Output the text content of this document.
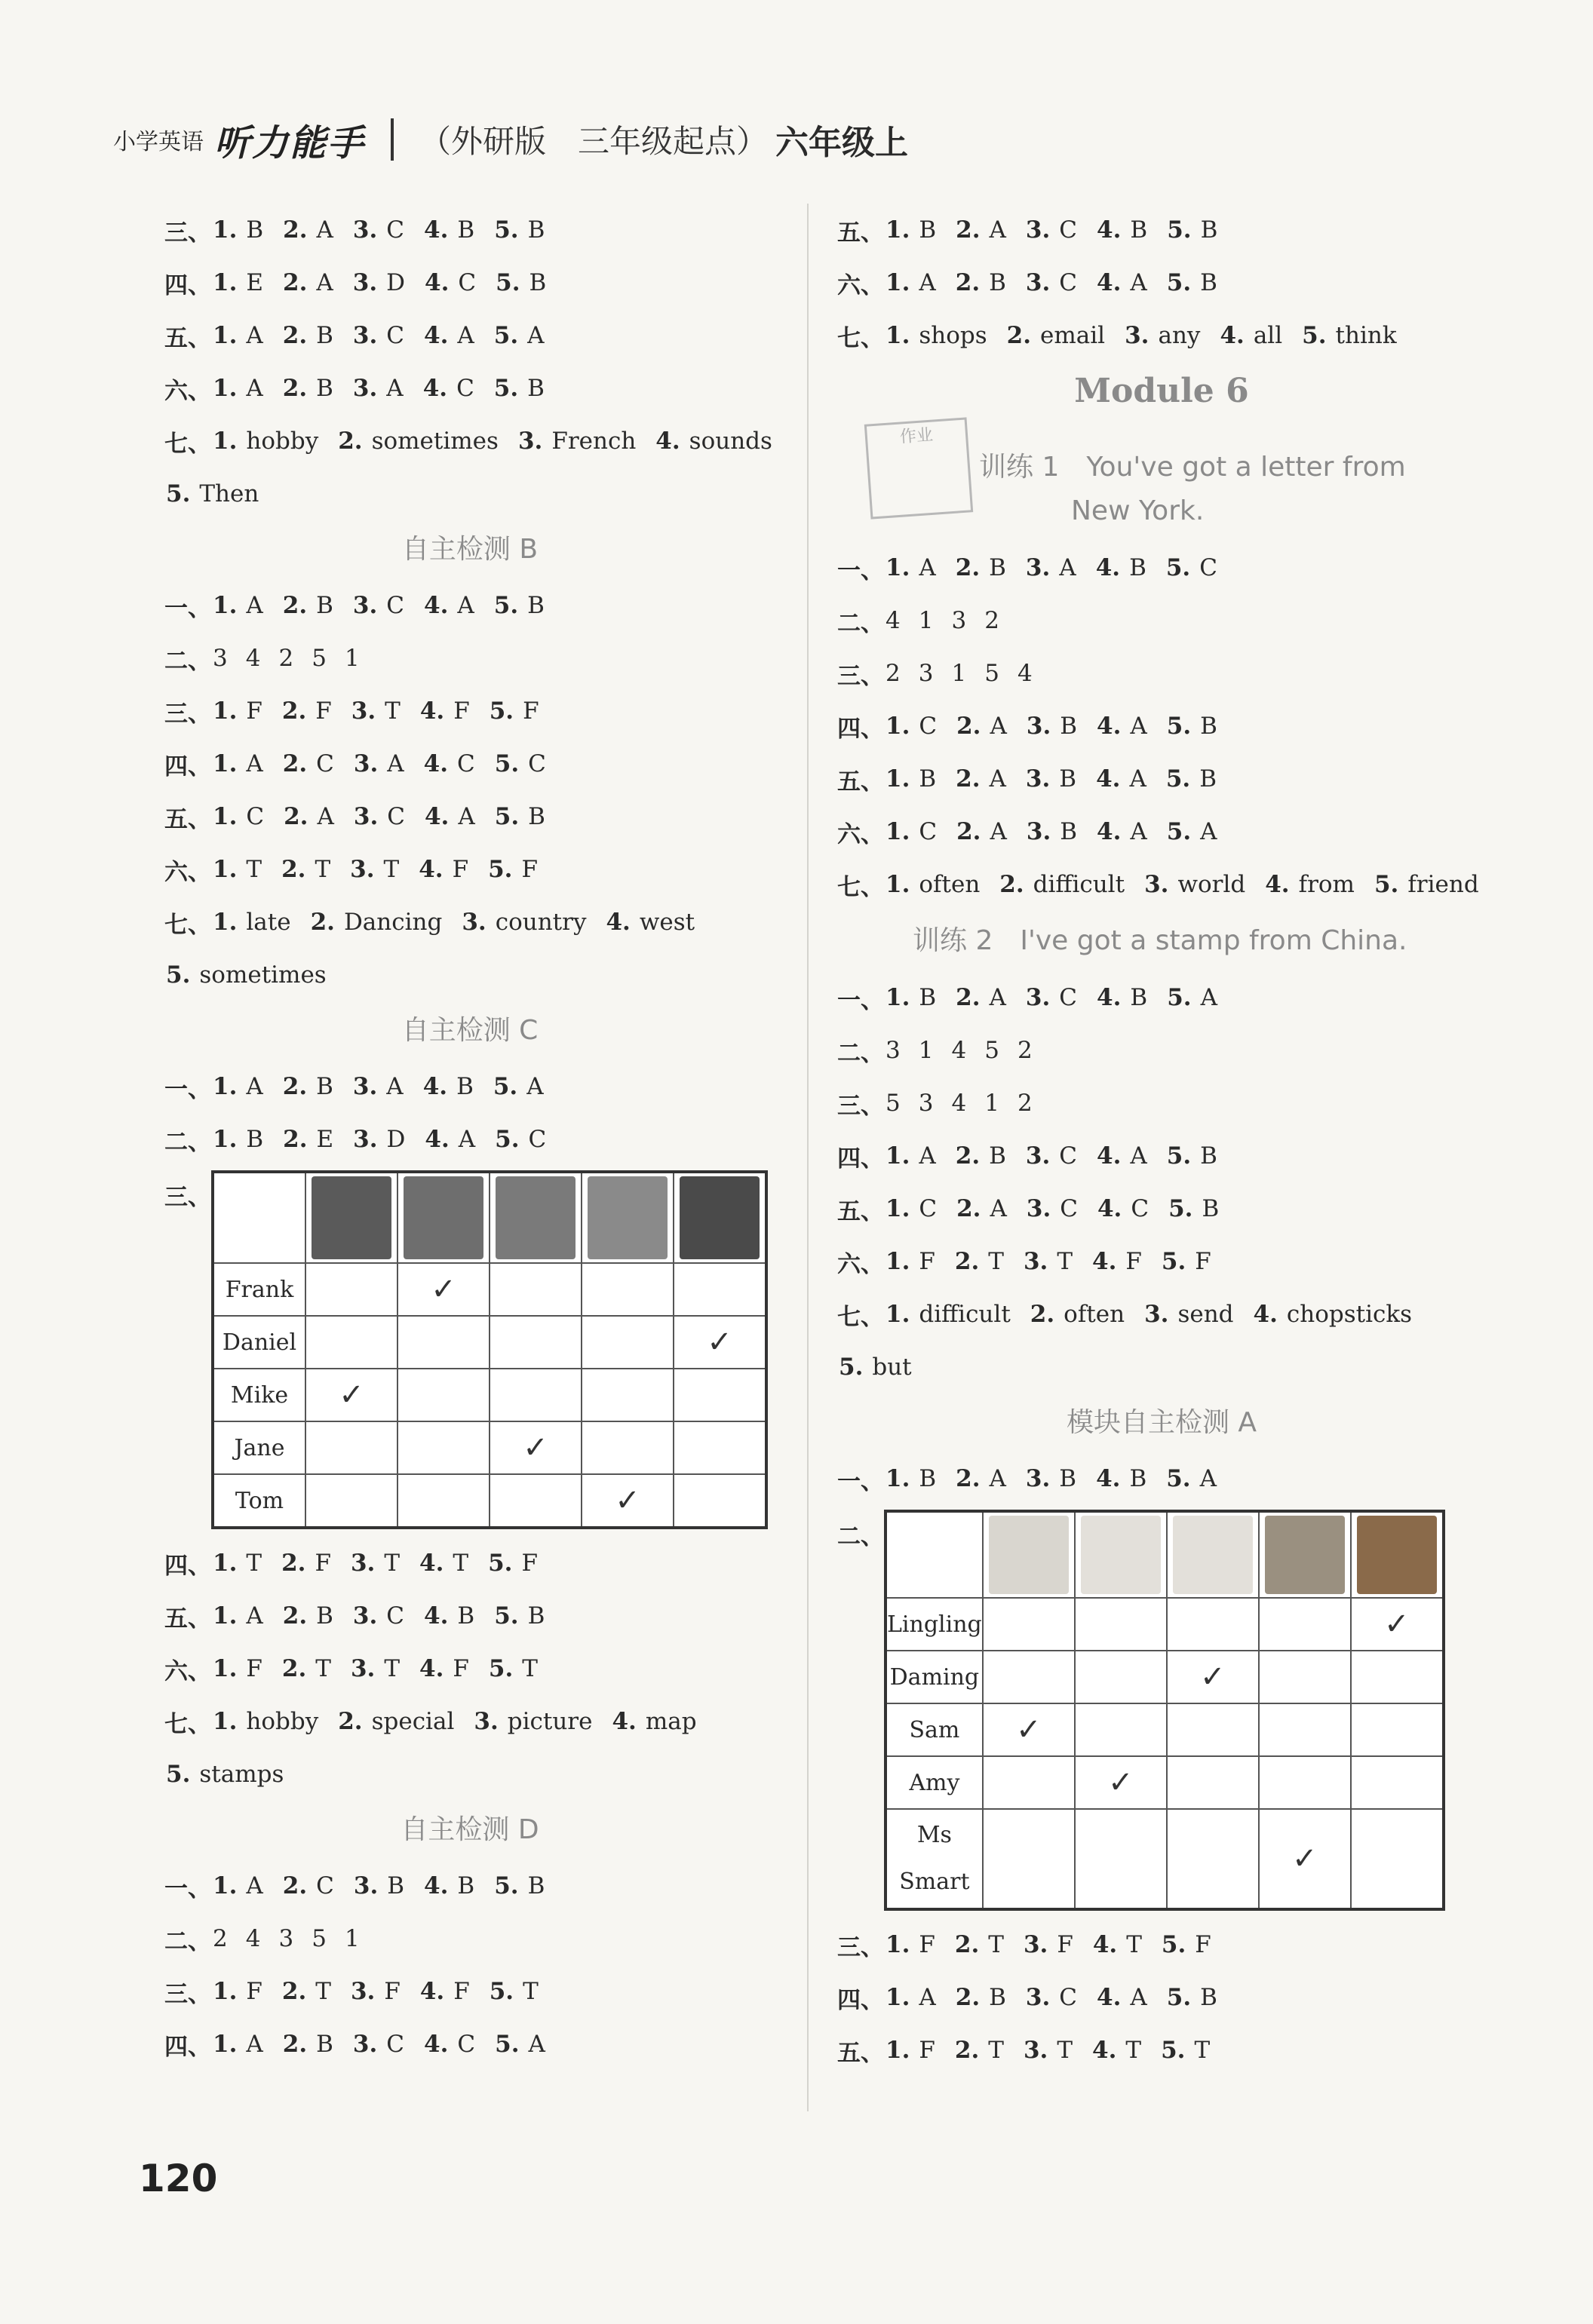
小学英语 听力能手 （外研版　三年级起点） 六年级上
三、 1. B 2. A 3. C 4. B 5. B
四、 1. E 2. A 3. D 4. C 5. B
五、 1. A 2. B 3. C 4. A 5. A
六、 1. A 2. B 3. A 4. C 5. B
七、 1. hobby 2. sometimes 3. French 4. sounds
5. Then
自主检测 B
一、 1. A 2. B 3. C 4. A 5. B
二、 3 4 2 5 1
三、 1. F 2. F 3. T 4. F 5. F
四、 1. A 2. C 3. A 4. C 5. C
五、 1. C 2. A 3. C 4. A 5. B
六、 1. T 2. T 3. T 4. F 5. F
七、 1. late 2. Dancing 3. country 4. west
5. sometimes
自主检测 C
一、 1. A 2. B 3. A 4. B 5. A
二、 1. B 2. E 3. D 4. A 5. C
三、

Frank		✓			
Daniel					✓
Mike	✓				
Jane			✓		
Tom				✓	
四、 1. T 2. F 3. T 4. T 5. F
五、 1. A 2. B 3. C 4. B 5. B
六、 1. F 2. T 3. T 4. F 5. T
七、 1. hobby 2. special 3. picture 4. map
5. stamps
自主检测 D
一、 1. A 2. C 3. B 4. B 5. B
二、 2 4 3 5 1
三、 1. F 2. T 3. F 4. F 5. T
四、 1. A 2. B 3. C 4. C 5. A
五、 1. B 2. A 3. C 4. B 5. B
六、 1. A 2. B 3. C 4. A 5. B
七、 1. shops 2. email 3. any 4. all 5. think
Module 6
作业训练 1　You've got a letter from
New York.
一、 1. A 2. B 3. A 4. B 5. C
二、 4 1 3 2
三、 2 3 1 5 4
四、 1. C 2. A 3. B 4. A 5. B
五、 1. B 2. A 3. B 4. A 5. B
六、 1. C 2. A 3. B 4. A 5. A
七、 1. often 2. difficult 3. world 4. from 5. friend
训练 2　I've got a stamp from China.
一、 1. B 2. A 3. C 4. B 5. A
二、 3 1 4 5 2
三、 5 3 4 1 2
四、 1. A 2. B 3. C 4. A 5. B
五、 1. C 2. A 3. C 4. C 5. B
六、 1. F 2. T 3. T 4. F 5. F
七、 1. difficult 2. often 3. send 4. chopsticks
5. but
模块自主检测 A
一、 1. B 2. A 3. B 4. B 5. A
二、

Lingling					✓
Daming			✓		
Sam	✓				
Amy		✓			
Ms Smart				✓	
三、 1. F 2. T 3. F 4. T 5. F
四、 1. A 2. B 3. C 4. A 5. B
五、 1. F 2. T 3. T 4. T 5. T
120
